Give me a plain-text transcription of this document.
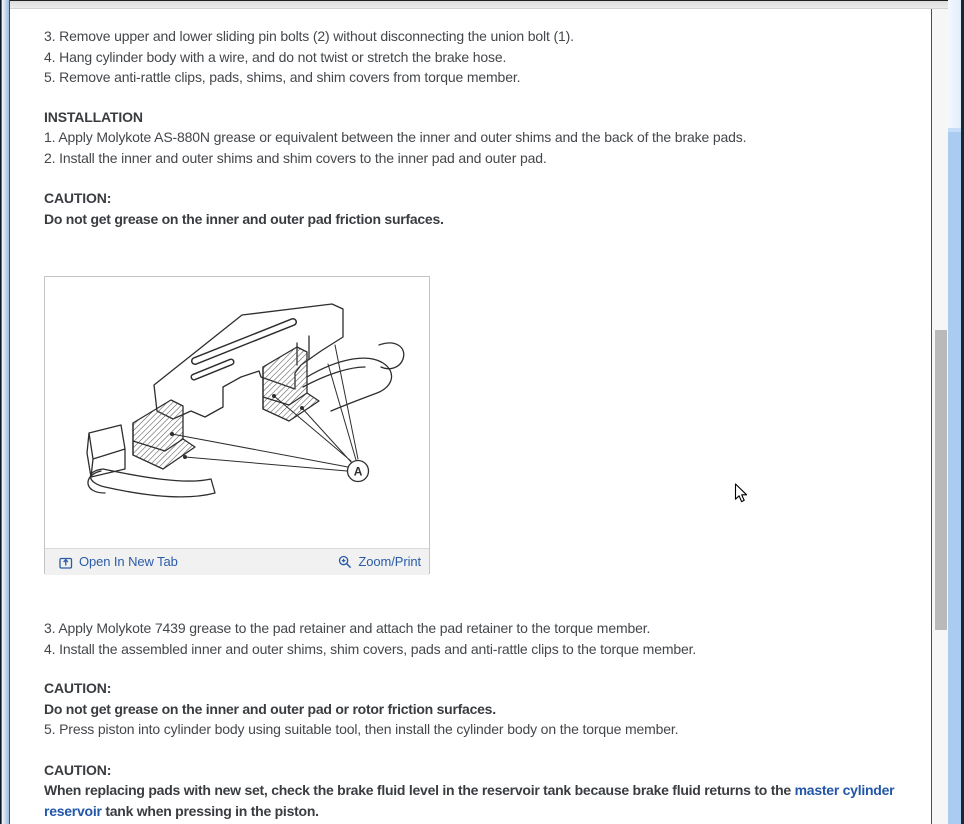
3. Remove upper and lower sliding pin bolts (2) without disconnecting the union bolt (1).

4. Hang cylinder body with a wire, and do not twist or stretch the brake hose.

5. Remove anti-rattle clips, pads, shims, and shim covers from torque member.

INSTALLATION

1. Apply Molykote AS-880N grease or equivalent between the inner and outer shims and the back of the brake pads.

2. Install the inner and outer shims and shim covers to the inner pad and outer pad.

CAUTION:

Do not get grease on the inner and outer pad friction surfaces.

A
Open In New Tab	Zoom/Print

3. Apply Molykote 7439 grease to the pad retainer and attach the pad retainer to the torque member.

4. Install the assembled inner and outer shims, shim covers, pads and anti-rattle clips to the torque member.

CAUTION:

Do not get grease on the inner and outer pad or rotor friction surfaces.

5. Press piston into cylinder body using suitable tool, then install the cylinder body on the torque member.

CAUTION:

When replacing pads with new set, check the brake fluid level in the reservoir tank because brake fluid returns to the master cylinder
reservoir tank when pressing in the piston.
